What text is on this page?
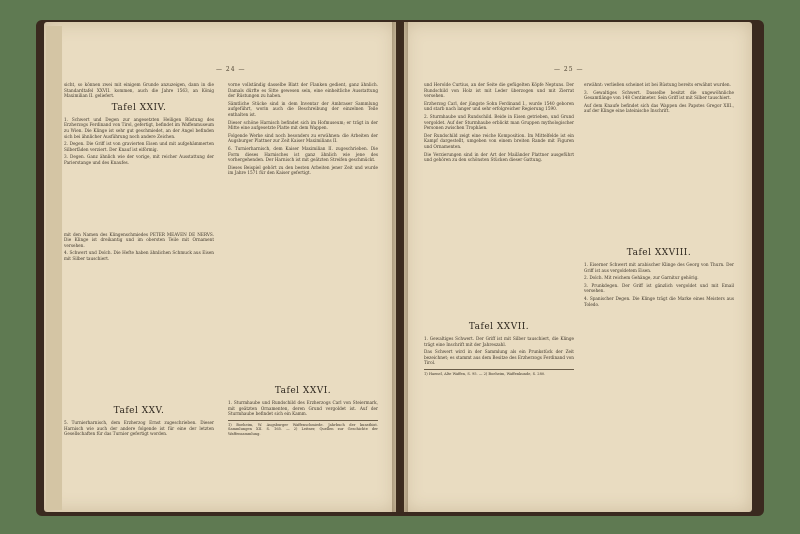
— 24 —

sicht, so können zwei mit einigem Grunde anzuzeigen, dann in die Standardtafel XXVII. kommen, auch die Jahre 1563, an König Maximilian II. geliefert.

Tafel XXIV.

1. Schwert und Degen zur angesetzten Heiligen Rüstung des Erzherzogs Ferdinand von Tirol, gefertigt, befindet im Waffenmuseum zu Wien. Die Klinge ist sehr gut geschmiedet, an der Angel befinden sich bei ähnlicher Ausführung noch andere Zeichen.

2. Degen. Die Griff ist von gravierten Eisen und mit aufgehämmerten Silberfäden verziert. Der Knauf ist eiförmig.

3. Degen. Ganz ähnlich wie der vorige, mit reicher Ausstattung der Parierstange und des Knaufes.

mit den Namen des Klingenschmiedes PETER MEAVEN DE NERVS. Die Klinge ist dreikantig und im obersten Teile mit Ornament versehen.

4. Schwert und Dolch. Die Hefte haben ähnlichen Schmuck aus Eisen mit Silber tauschiert.

Tafel XXV.

5. Turnierharnisch, dem Erzherzog Ernst zugeschrieben. Dieser Harnisch wie auch der andere folgende ist für eine der letzten Gesellschaften für das Turnier gefertigt worden.

vorne vollständig dasselbe Blatt der Flanken gedient, ganz ähnlich. Damals dürfte es Sitte gewesen sein, eine einheitliche Ausstattung der Rüstungen zu haben.

Sämtliche Stücke sind in dem Inventar der Ambraser Sammlung aufgeführt, worin auch die Beschreibung der einzelnen Teile enthalten ist.

Dieser schöne Harnisch befindet sich im Hofmuseum; er trägt in der Mitte eine aufgesetzte Platte mit dem Wappen.

Folgende Werke sind noch besonders zu erwähnen: die Arbeiten der Augsburger Plattner zur Zeit Kaiser Maximilians II.

6. Turnierharnisch, dem Kaiser Maximilian II. zugeschrieben. Die Form dieses Harnisches ist ganz ähnlich wie jene des vorhergehenden. Der Harnisch ist mit geätzten Streifen geschmückt.

Dieses Beispiel gehört zu den besten Arbeiten jener Zeit und wurde im Jahre 1571 für den Kaiser gefertigt.

Tafel XXVI.

1. Sturmhaube und Rundschild des Erzherzogs Carl von Steiermark, mit geätzten Ornamenten, deren Grund vergoldet ist. Auf der Sturmhaube befindet sich ein Kamm.

1) Boeheim, W. Augsburger Waffenschmiede. Jahrbuch der kunsthist. Sammlungen XII. S. 165. — 2) Leitner, Quellen zur Geschichte der Waffensammlung.
— 25 —

und Herolde Curtius, an der Seite die gefügelten Köpfe Neptuns. Der Rundschild von Holz ist mit Leder überzogen und mit Zierrat versehen.

Erzherzog Carl, der jüngste Sohn Ferdinand I., wurde 1540 geboren und starb nach langer und sehr erfolgreicher Regierung 1590.

2. Sturmhaube und Rundschild. Beide in Eisen getrieben, und Grund vergoldet. Auf der Sturmhaube erblickt man Gruppen mythologischer Personen zwischen Trophäen.

Der Rundschild zeigt eine reiche Komposition. Im Mittelfelde ist ein Kampf dargestellt, umgeben von einem breiten Rande mit Figuren und Ornamenten.

Die Verzierungen sind in der Art der Mailänder Plattner ausgeführt und gehören zu den schönsten Stücken dieser Gattung.

Tafel XXVII.

1. Gewaltiges Schwert. Der Griff ist mit Silber tauschiert, die Klinge trägt eine Inschrift mit der Jahreszahl.

Das Schwert wird in der Sammlung als ein Prunkstück der Zeit bezeichnet; es stammt aus dem Besitze des Erzherzogs Ferdinand von Tirol.

1) Haenel, Alte Waffen, S. 95. — 2) Boeheim, Waffenkunde, S. 280.

erwähnt: verließen scheinet ist bei Rüstung bereits erwähnt wurden.

3. Gewaltiges Schwert. Dasselbe besitzt die ungewöhnliche Gesamtlänge von 148 Centimeter. Sein Griff ist mit Silber tauschiert.

Auf dem Knaufe befindet sich das Wappen des Papstes Gregor XIII., auf der Klinge eine lateinische Inschrift.

Tafel XXVIII.

1. Eiserner Schwert mit arabischer Klinge des Georg von Thurn. Der Griff ist aus vergoldetem Eisen.

2. Dolch. Mit reichem Gehänge, zur Garnitur gehörig.

3. Prunkdegen. Der Griff ist gänzlich vergoldet und mit Email versehen.

4. Spanischer Degen. Die Klinge trägt die Marke eines Meisters aus Toledo.
